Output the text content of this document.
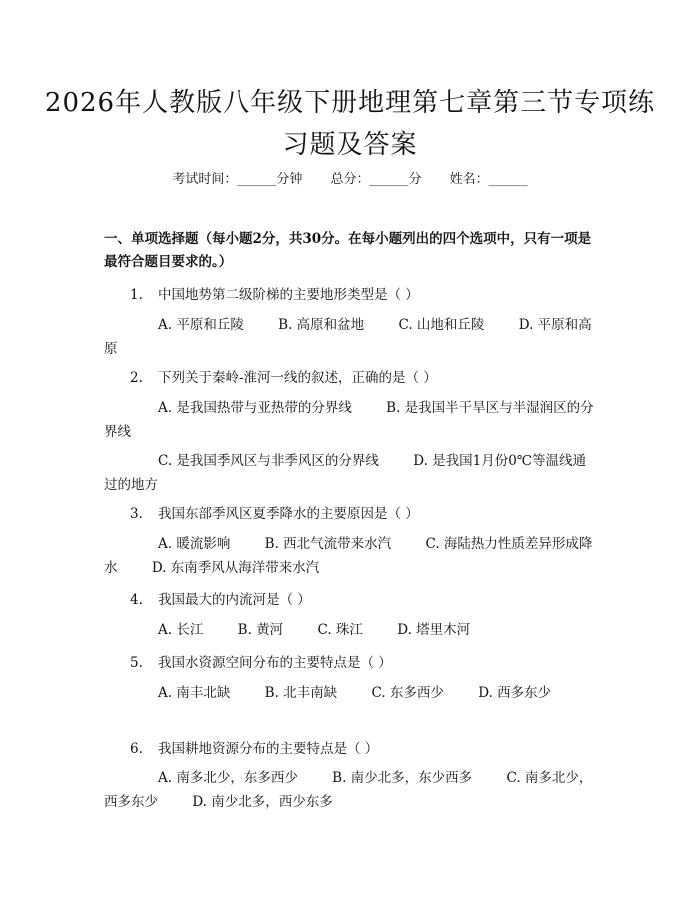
2026年人教版八年级下册地理第七章第三节专项练习题及答案
考试时间：______分钟 总分：______分 姓名：______
一、单项选择题（每小题2分，共30分。在每小题列出的四个选项中，只有一项是最符合题目要求的。）
1. 中国地势第二级阶梯的主要地形类型是（ ）
A. 平原和丘陵        B. 高原和盆地        C. 山地和丘陵        D. 平原和高原
2. 下列关于秦岭-淮河一线的叙述，正确的是（ ）
A. 是我国热带与亚热带的分界线        B. 是我国半干旱区与半湿润区的分界线
C. 是我国季风区与非季风区的分界线        D. 是我国1月份0℃等温线通过的地方
3. 我国东部季风区夏季降水的主要原因是（ ）
A. 暖流影响        B. 西北气流带来水汽        C. 海陆热力性质差异形成降水        D. 东南季风从海洋带来水汽
4. 我国最大的内流河是（ ）
A. 长江        B. 黄河        C. 珠江        D. 塔里木河
5. 我国水资源空间分布的主要特点是（ ）
A. 南丰北缺        B. 北丰南缺        C. 东多西少        D. 西多东少
6. 我国耕地资源分布的主要特点是（ ）
A. 南多北少，东多西少        B. 南少北多，东少西多        C. 南多北少，西多东少        D. 南少北多，西少东多
